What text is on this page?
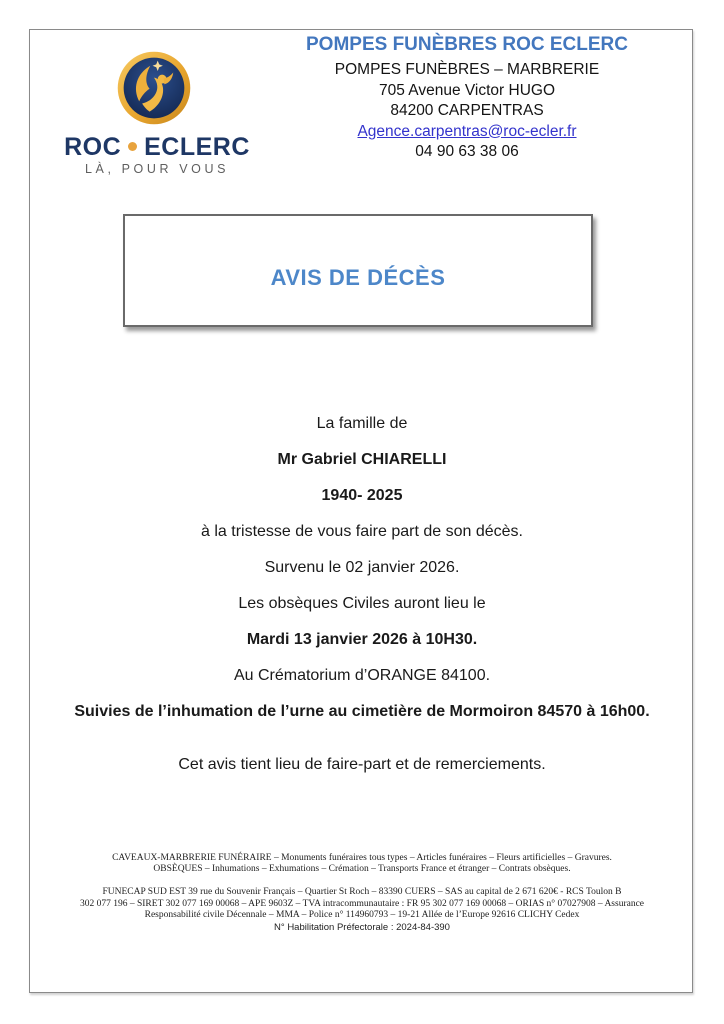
ROC ECLERC
LÀ, POUR VOUS
POMPES FUNÈBRES ROC ECLERC
POMPES FUNÈBRES – MARBRERIE
705 Avenue Victor HUGO
84200 CARPENTRAS
Agence.carpentras@roc-ecler.fr
04 90 63 38 06
AVIS DE DÉCÈS

La famille de

Mr Gabriel CHIARELLI

1940- 2025

à la tristesse de vous faire part de son décès.

Survenu le 02 janvier 2026.

Les obsèques Civiles auront lieu le

Mardi 13 janvier 2026 à 10H30.

Au Crématorium d’ORANGE 84100.

Suivies de l’inhumation de l’urne au cimetière de Mormoiron 84570 à 16h00.

Cet avis tient lieu de faire-part et de remerciements.

CAVEAUX-MARBRERIE FUNÉRAIRE – Monuments funéraires tous types – Articles funéraires – Fleurs artificielles – Gravures.

OBSÈQUES – Inhumations – Exhumations – Crémation – Transports France et étranger – Contrats obsèques.

FUNECAP SUD EST 39 rue du Souvenir Français – Quartier St Roch – 83390 CUERS – SAS au capital de 2 671 620€ - RCS Toulon B

302 077 196 – SIRET 302 077 169 00068 – APE 9603Z – TVA intracommunautaire : FR 95 302 077 169 00068 – ORIAS n° 07027908 – Assurance

Responsabilité civile Décennale – MMA – Police n° 114960793 – 19-21 Allée de l’Europe 92616 CLICHY Cedex

N° Habilitation Préfectorale : 2024-84-390
